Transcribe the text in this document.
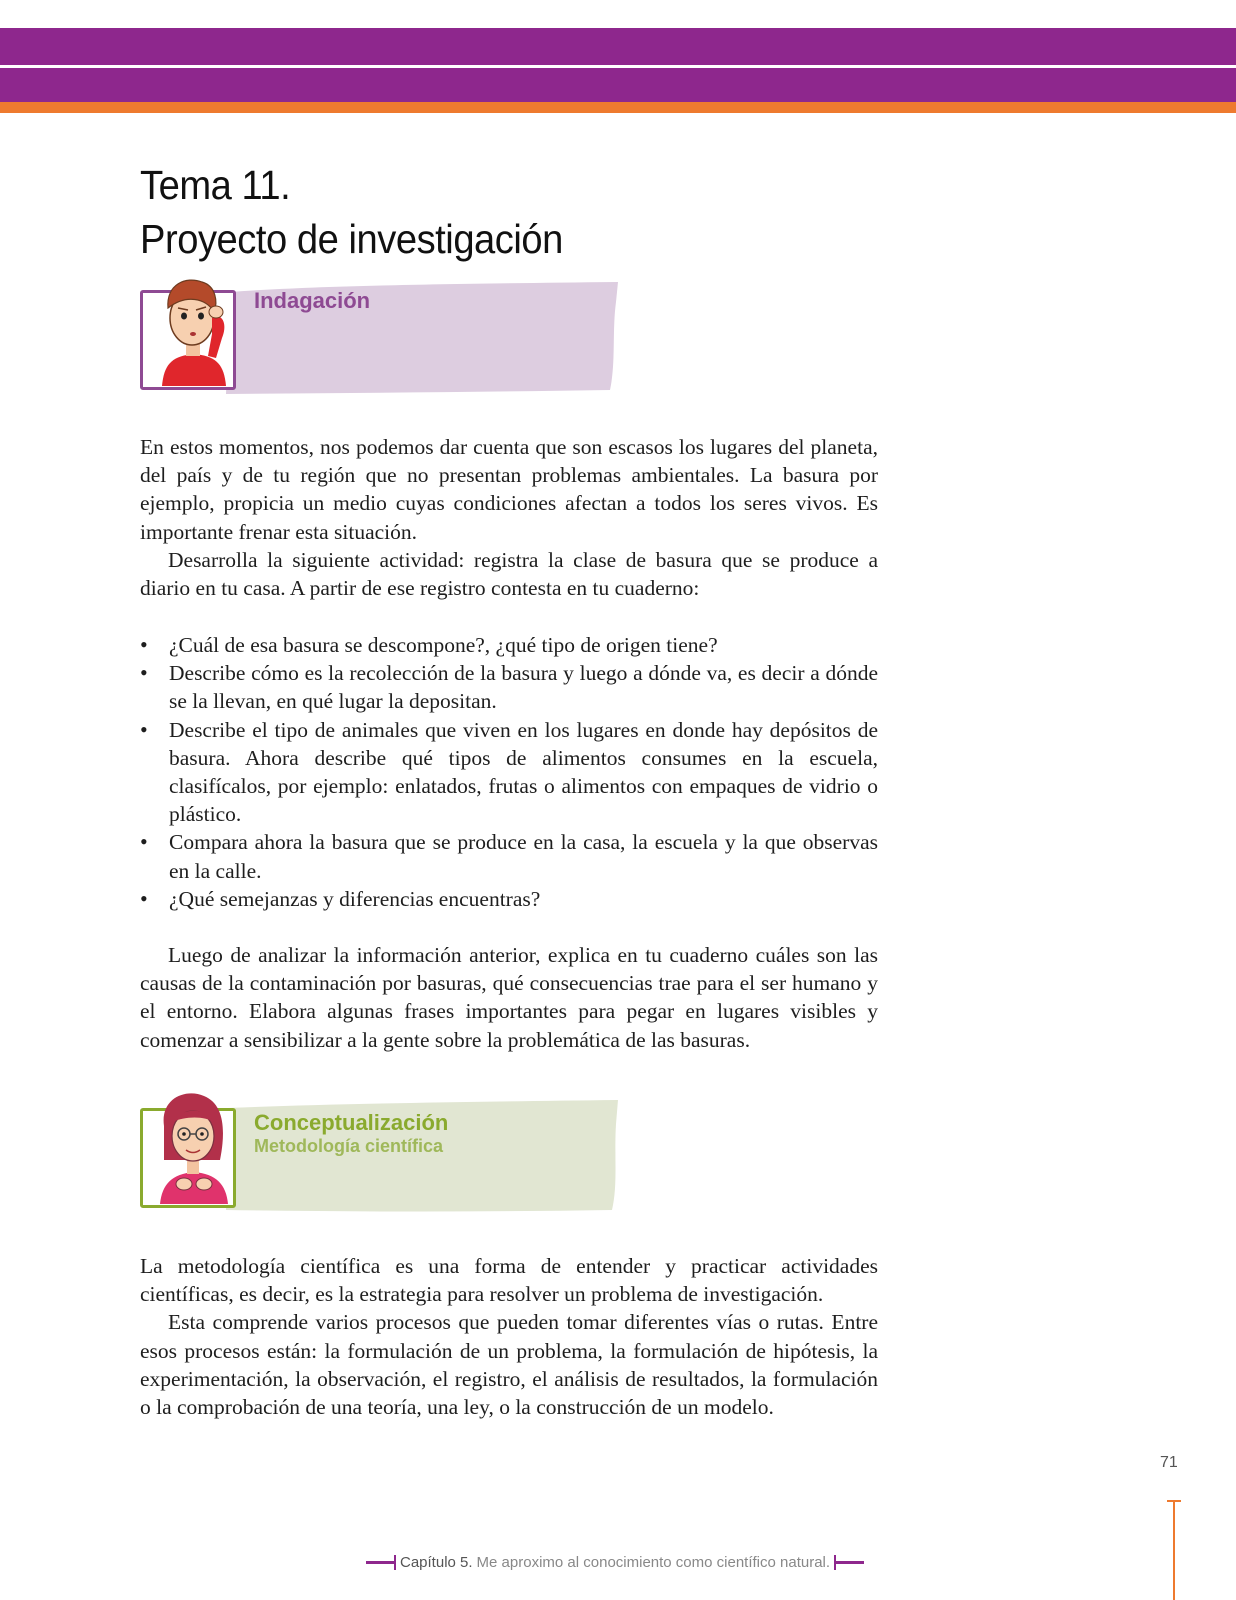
Tema 11.
Proyecto de investigación
Indagación

En estos momentos, nos podemos dar cuenta que son escasos los lugares del planeta, del país y de tu región que no presentan problemas ambientales. La basura por ejemplo, propicia un medio cuyas condiciones afectan a todos los seres vivos. Es importante frenar esta situación.

Desarrolla la siguiente actividad: registra la clase de basura que se produce a diario en tu casa. A partir de ese registro contesta en tu cuaderno:

• ¿Cuál de esa basura se descompone?, ¿qué tipo de origen tiene?
• Describe cómo es la recolección de la basura y luego a dónde va, es decir a dónde se la llevan, en qué lugar la depositan.
• Describe el tipo de animales que viven en los lugares en donde hay depósitos de basura. Ahora describe qué tipos de alimentos consumes en la escuela, clasifícalos, por ejemplo: enlatados, frutas o alimentos con empaques de vidrio o plástico.
• Compara ahora la basura que se produce en la casa, la escuela y la que observas en la calle.
• ¿Qué semejanzas y diferencias encuentras?

Luego de analizar la información anterior, explica en tu cuaderno cuáles son las causas de la contaminación por basuras, qué consecuencias trae para el ser humano y el entorno. Elabora algunas frases importantes para pegar en lugares visibles y comenzar a sensibilizar a la gente sobre la problemática de las basuras.

Conceptualización
Metodología científica

La metodología científica es una forma de entender y practicar actividades científicas, es decir, es la estrategia para resolver un problema de investigación.

Esta comprende varios procesos que pueden tomar diferentes vías o rutas. Entre esos procesos están: la formulación de un problema, la formulación de hipótesis, la experimentación, la observación, el registro, el análisis de resultados, la formulación o la comprobación de una teoría, una ley, o la construcción de un modelo.

71
Capítulo 5. Me aproximo al conocimiento como científico natural.
